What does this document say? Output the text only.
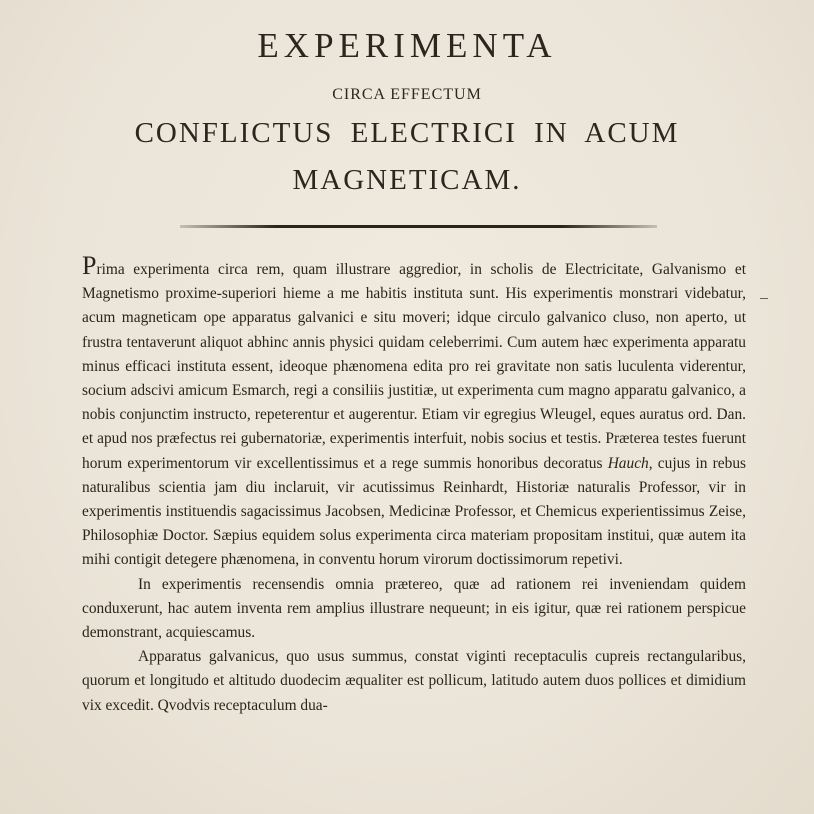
EXPERIMENTA
CIRCA EFFECTUM
CONFLICTUS ELECTRICI IN ACUM
MAGNETICAM.

Prima experimenta circa rem, quam illustrare aggredior, in scholis de Electricitate, Galvanismo et Magnetismo proxime-superiori hieme a me habitis instituta sunt. His experimentis monstrari videbatur, acum magneticam ope apparatus galvanici e situ moveri; idque circulo galvanico cluso, non aperto, ut frustra tentaverunt aliquot abhinc annis physici quidam celeberrimi. Cum autem hæc experimenta apparatu minus efficaci instituta essent, ideoque phænomena edita pro rei gravitate non satis luculenta viderentur, socium adscivi amicum Esmarch, regi a consiliis justitiæ, ut experimenta cum magno apparatu galvanico, a nobis conjunctim instructo, repeterentur et augerentur. Etiam vir egregius Wleugel, eques auratus ord. Dan. et apud nos præfectus rei gubernatoriæ, experimentis interfuit, nobis socius et testis. Præterea testes fuerunt horum experimentorum vir excellentissimus et a rege summis honoribus decoratus Hauch, cujus in rebus naturalibus scientia jam diu inclaruit, vir acutissimus Reinhardt, Historiæ naturalis Professor, vir in experimentis instituendis sagacissimus Jacobsen, Medicinæ Professor, et Chemicus experientissimus Zeise, Philosophiæ Doctor. Sæpius equidem solus experimenta circa materiam propositam institui, quæ autem ita mihi contigit detegere phænomena, in conventu horum virorum doctissimorum repetivi.

In experimentis recensendis omnia prætereo, quæ ad rationem rei inveniendam quidem conduxerunt, hac autem inventa rem amplius illustrare nequeunt; in eis igitur, quæ rei rationem perspicue demonstrant, acquiescamus.

Apparatus galvanicus, quo usus summus, constat viginti receptaculis cupreis rectangularibus, quorum et longitudo et altitudo duodecim æqualiter est pollicum, latitudo autem duos pollices et dimidium vix excedit. Qvodvis receptaculum dua-
